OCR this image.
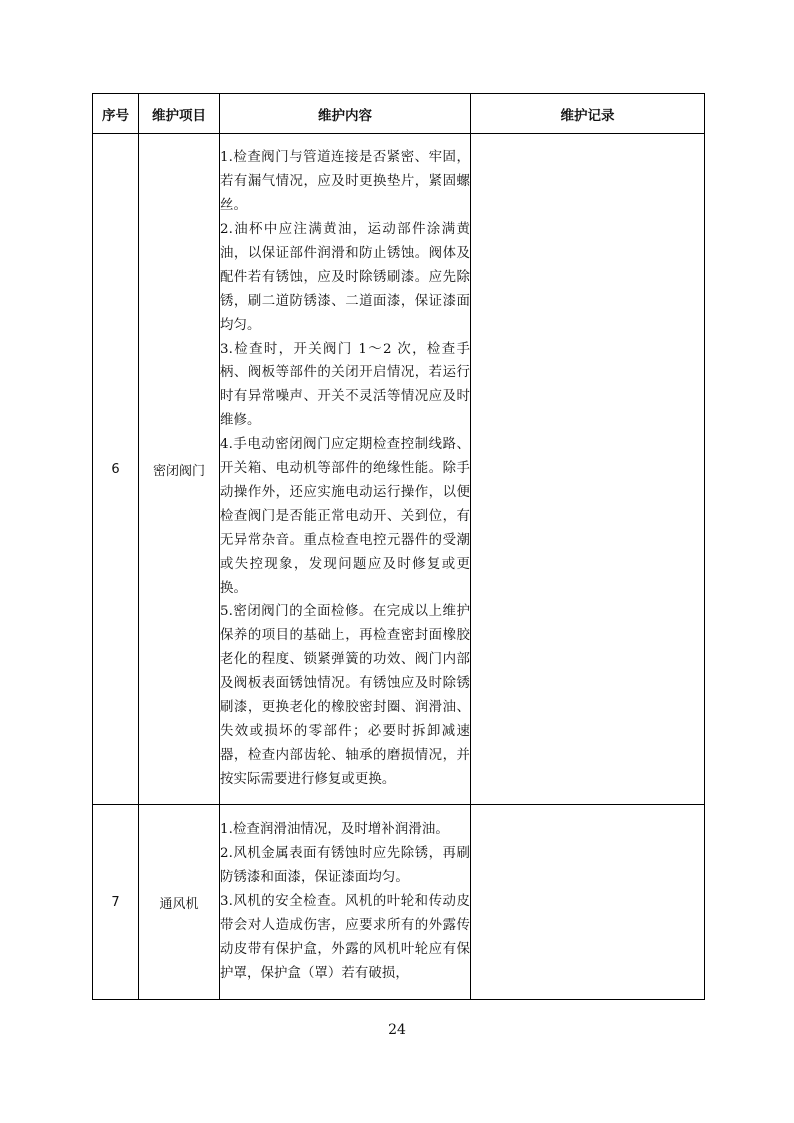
序号	维护项目	维护内容	维护记录
6	密闭阀门	1.检查阀门与管道连接是否紧密、牢固，若有漏气情况，应及时更换垫片，紧固螺丝。

2.油杯中应注满黄油，运动部件涂满黄油，以保证部件润滑和防止锈蚀。阀体及配件若有锈蚀，应及时除锈刷漆。应先除锈，刷二道防锈漆、二道面漆，保证漆面均匀。

3.检查时，开关阀门 1～2 次，检查手柄、阀板等部件的关闭开启情况，若运行时有异常噪声、开关不灵活等情况应及时维修。

4.手电动密闭阀门应定期检查控制线路、开关箱、电动机等部件的绝缘性能。除手动操作外，还应实施电动运行操作，以便检查阀门是否能正常电动开、关到位，有无异常杂音。重点检查电控元器件的受潮或失控现象，发现问题应及时修复或更换。

5.密闭阀门的全面检修。在完成以上维护保养的项目的基础上，再检查密封面橡胶老化的程度、锁紧弹簧的功效、阀门内部及阀板表面锈蚀情况。有锈蚀应及时除锈刷漆，更换老化的橡胶密封圈、润滑油、失效或损坏的零部件；必要时拆卸减速器，检查内部齿轮、轴承的磨损情况，并按实际需要进行修复或更换。	

7	通风机	1.检查润滑油情况，及时增补润滑油。

2.风机金属表面有锈蚀时应先除锈，再刷防锈漆和面漆，保证漆面均匀。

3.风机的安全检查。风机的叶轮和传动皮带会对人造成伤害，应要求所有的外露传动皮带有保护盒，外露的风机叶轮应有保护罩，保护盒（罩）若有破损，	

24
